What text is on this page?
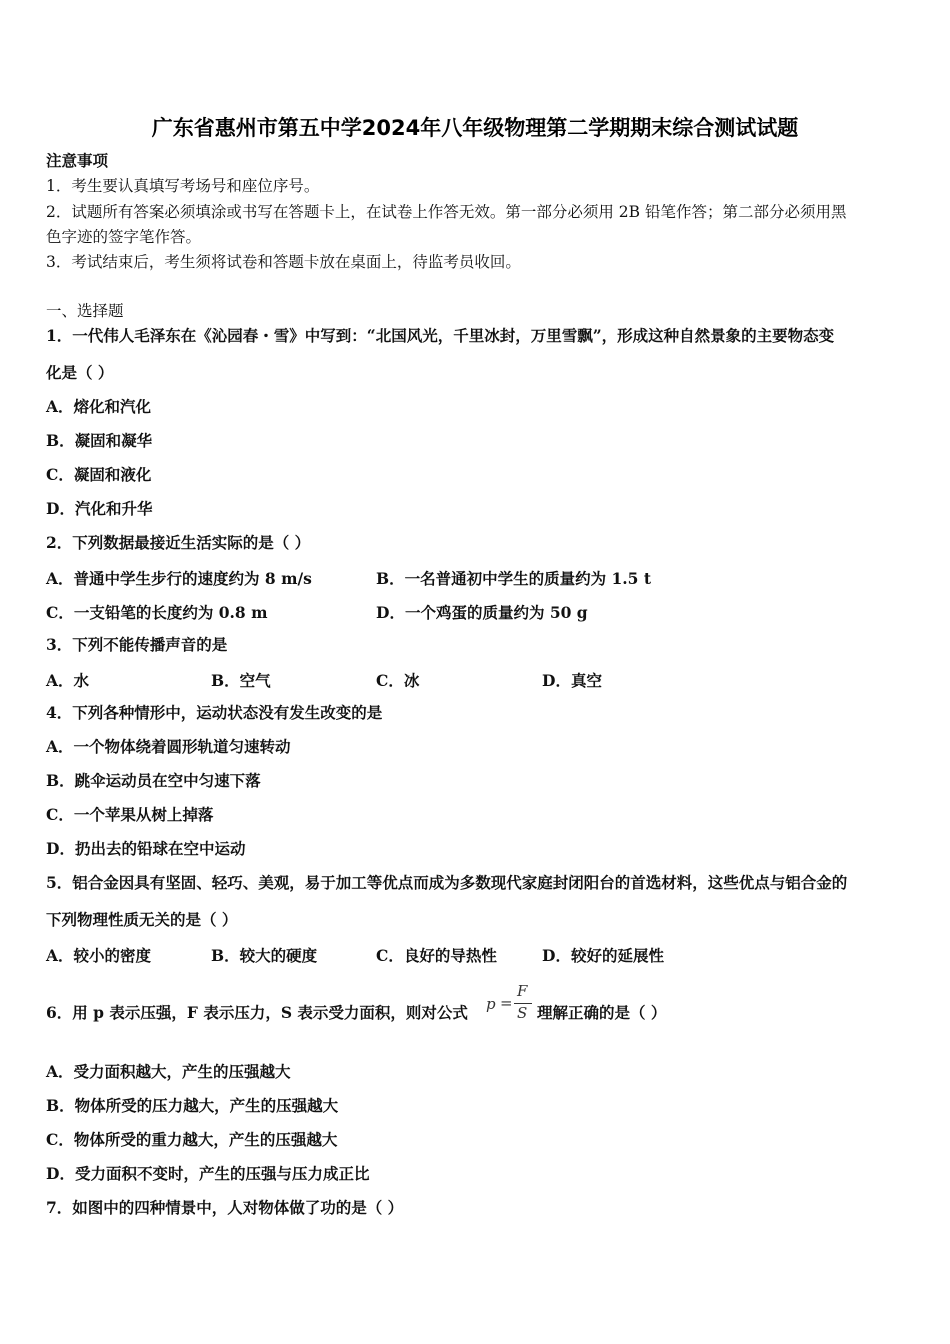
广东省惠州市第五中学2024年八年级物理第二学期期末综合测试试题
注意事项
1．考生要认真填写考场号和座位序号。
2．试题所有答案必须填涂或书写在答题卡上，在试卷上作答无效。第一部分必须用 2B 铅笔作答；第二部分必须用黑
色字迹的签字笔作答。
3．考试结束后，考生须将试卷和答题卡放在桌面上，待监考员收回。
一、选择题
1．一代伟人毛泽东在《沁园春・雪》中写到：“北国风光，千里冰封，万里雪飘”，形成这种自然景象的主要物态变
化是（ ）
A．熔化和汽化
B．凝固和凝华
C．凝固和液化
D．汽化和升华
2．下列数据最接近生活实际的是（ ）
A．普通中学生步行的速度约为 8 m/s	B．一名普通初中学生的质量约为 1.5 t
C．一支铅笔的长度约为 0.8 m	D．一个鸡蛋的质量约为 50 g
3．下列不能传播声音的是
A．水	B．空气	C．冰	D．真空
4．下列各种情形中，运动状态没有发生改变的是
A．一个物体绕着圆形轨道匀速转动
B．跳伞运动员在空中匀速下落
C．一个苹果从树上掉落
D．扔出去的铅球在空中运动
5．铝合金因具有坚固、轻巧、美观，易于加工等优点而成为多数现代家庭封闭阳台的首选材料，这些优点与铝合金的
下列物理性质无关的是（ ）
A．较小的密度	B．较大的硬度	C．良好的导热性	D．较好的延展性
6．用 p 表示压强，F 表示压力，S 表示受力面积，则对公式	p =
F
S 理解正确的是（ ）
A．受力面积越大，产生的压强越大
B．物体所受的压力越大，产生的压强越大
C．物体所受的重力越大，产生的压强越大
D．受力面积不变时，产生的压强与压力成正比
7．如图中的四种情景中，人对物体做了功的是（ ）
